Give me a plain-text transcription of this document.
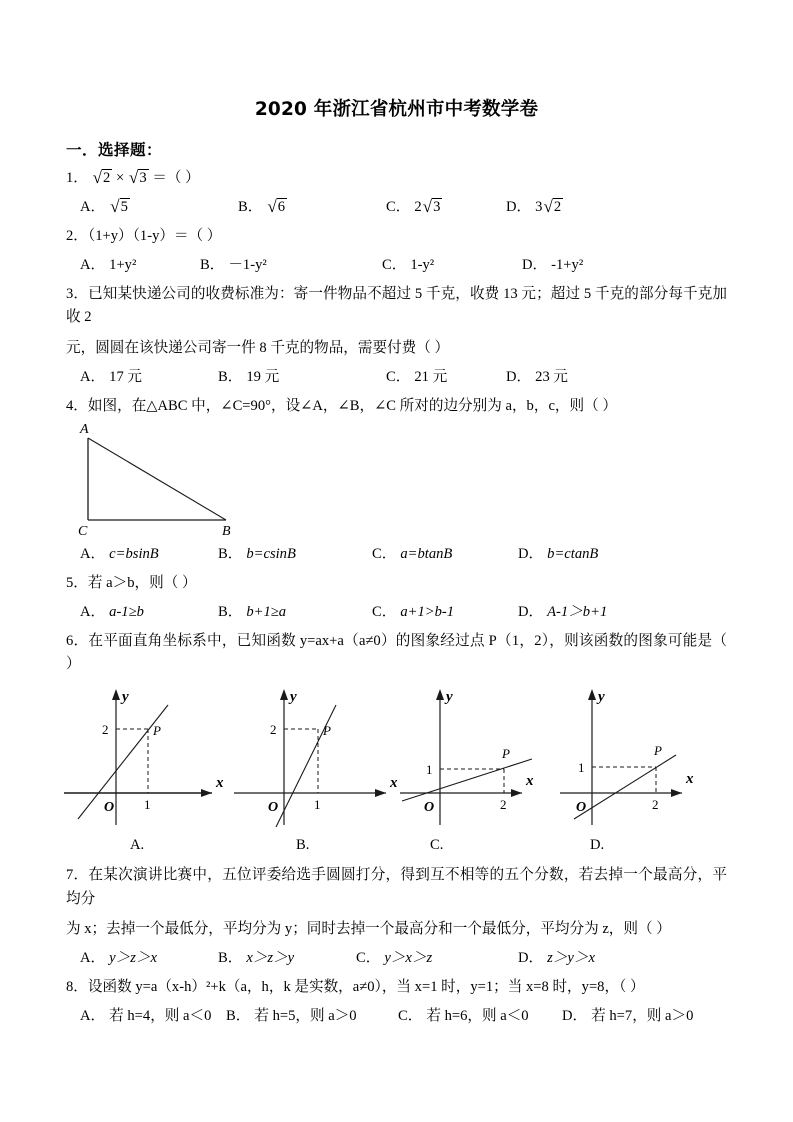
2020 年浙江省杭州市中考数学卷
一．选择题：
1． √2 × √3 ＝（ ）
A． √5	B． √6	C． 2√3	D． 3√2
2．（1+y）（1-y）＝（ ）
A． 1+y²	B． －1-y²	C． 1-y²	D． -1+y²
3．已知某快递公司的收费标准为：寄一件物品不超过 5 千克，收费 13 元；超过 5 千克的部分每千克加收 2
元，圆圆在该快递公司寄一件 8 千克的物品，需要付费（ ）
A． 17 元	B． 19 元	C． 21 元	D． 23 元
4．如图，在△ABC 中，∠C=90°，设∠A，∠B，∠C 所对的边分别为 a，b，c，则（ ）
A
C	B
A． c=bsinB	B． b=csinB	C． a=btanB	D． b=ctanB
5．若 a＞b，则（ ）
A． a-1≥b	B． b+1≥a	C． a+1>b-1	D． A-1＞b+1
6．在平面直角坐标系中，已知函数 y=ax+a（a≠0）的图象经过点 P（1，2），则该函数的图象可能是（ ）
y
x
O
2
1
P
y
x
O
2
1
P
y
x
O
1
2
P
y
x
O
1
2
P
A.	B.	C.	D.
7．在某次演讲比赛中，五位评委给选手圆圆打分，得到互不相等的五个分数，若去掉一个最高分，平均分
为 x；去掉一个最低分，平均分为 y；同时去掉一个最高分和一个最低分，平均分为 z，则（ ）
A． y＞z＞x	B． x＞z＞y	C． y＞x＞z	D． z＞y＞x
8．设函数 y=a（x-h）²+k（a，h，k 是实数，a≠0），当 x=1 时，y=1；当 x=8 时，y=8，（ ）
A． 若 h=4，则 a＜0 B． 若 h=5，则 a＞0	C． 若 h=6，则 a＜0 D． 若 h=7，则 a＞0
